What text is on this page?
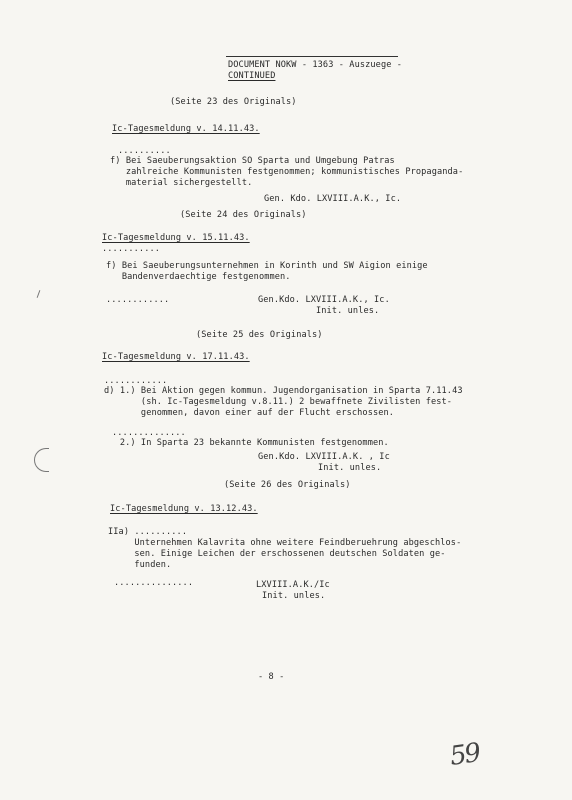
DOCUMENT NOKW - 1363 - Auszuege -
CONTINUED
(Seite 23 des Originals)
Ic-Tagesmeldung v. 14.11.43.
..........
f) Bei Saeuberungsaktion SO Sparta und Umgebung Patras
zahlreiche Kommunisten festgenommen; kommunistisches Propaganda-
material sichergestellt.
Gen. Kdo. LXVIII.A.K., Ic.
(Seite 24 des Originals)
Ic-Tagesmeldung v. 15.11.43.
...........
f) Bei Saeuberungsunternehmen in Korinth und SW Aigion einige
Bandenverdaechtige festgenommen.
............	Gen.Kdo. LXVIII.A.K., Ic.
Init. unles.
(Seite 25 des Originals)
Ic-Tagesmeldung v. 17.11.43.
............
d) 1.) Bei Aktion gegen kommun. Jugendorganisation in Sparta 7.11.43
(sh. Ic-Tagesmeldung v.8.11.) 2 bewaffnete Zivilisten fest-
genommen, davon einer auf der Flucht erschossen.
..............
2.) In Sparta 23 bekannte Kommunisten festgenommen.
Gen.Kdo. LXVIII.A.K. , Ic
Init. unles.
(Seite 26 des Originals)
Ic-Tagesmeldung v. 13.12.43.
IIa) ..........
Unternehmen Kalavrita ohne weitere Feindberuehrung abgeschlos-
sen. Einige Leichen der erschossenen deutschen Soldaten ge-
funden.
...............	LXVIII.A.K./Ic
Init. unles.
- 8 -
59
